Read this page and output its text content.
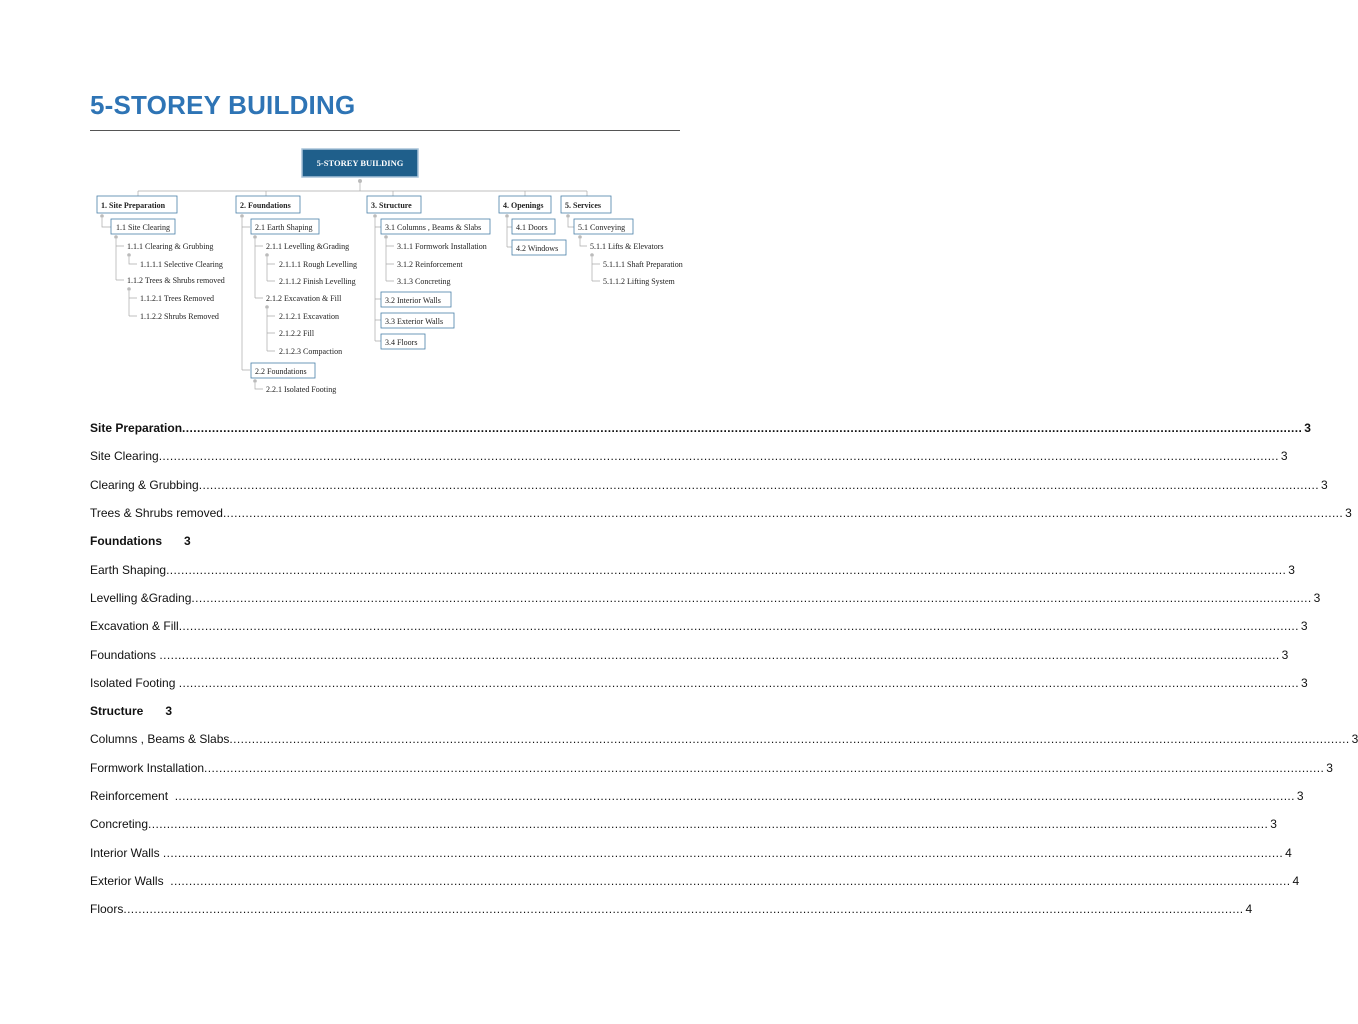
5-STOREY BUILDING
5-STOREY BUILDING
1. Site Preparation	2. Foundations	3. Structure	4. Openings	5. Services
1.1 Site Clearing
1.1.1 Clearing & Grubbing
1.1.1.1 Selective Clearing
1.1.2 Trees & Shrubs removed
1.1.2.1 Trees Removed
1.1.2.2 Shrubs Removed
2.1 Earth Shaping
2.1.1 Levelling &Grading
2.1.1.1 Rough Levelling
2.1.1.2 Finish Levelling
2.1.2 Excavation & Fill
2.1.2.1 Excavation
2.1.2.2 Fill
2.1.2.3 Compaction
2.2 Foundations
2.2.1 Isolated Footing
3.1 Columns , Beams & Slabs
3.1.1 Formwork Installation
3.1.2 Reinforcement
3.1.3 Concreting
3.2 Interior Walls
3.3 Exterior Walls
3.4 Floors
4.1 Doors
4.2 Windows
5.1 Conveying
5.1.1 Lifts & Elevators
5.1.1.1 Shaft Preparation
5.1.1.2 Lifting System
Site Preparation ............................................................................................................................................................................................................................................................................................................ 3
Site Clearing ............................................................................................................................................................................................................................................................................................................ 3
Clearing & Grubbing ............................................................................................................................................................................................................................................................................................................ 3
Trees & Shrubs removed ............................................................................................................................................................................................................................................................................................................ 3
Foundations 3
Earth Shaping ............................................................................................................................................................................................................................................................................................................ 3
Levelling &Grading ............................................................................................................................................................................................................................................................................................................ 3
Excavation & Fill ............................................................................................................................................................................................................................................................................................................ 3
Foundations ............................................................................................................................................................................................................................................................................................................ 3
Isolated Footing ............................................................................................................................................................................................................................................................................................................ 3
Structure 3
Columns , Beams & Slabs ............................................................................................................................................................................................................................................................................................................ 3
Formwork Installation ............................................................................................................................................................................................................................................................................................................ 3
Reinforcement ............................................................................................................................................................................................................................................................................................................ 3
Concreting ............................................................................................................................................................................................................................................................................................................ 3
Interior Walls ............................................................................................................................................................................................................................................................................................................ 4
Exterior Walls ............................................................................................................................................................................................................................................................................................................ 4
Floors ............................................................................................................................................................................................................................................................................................................ 4
